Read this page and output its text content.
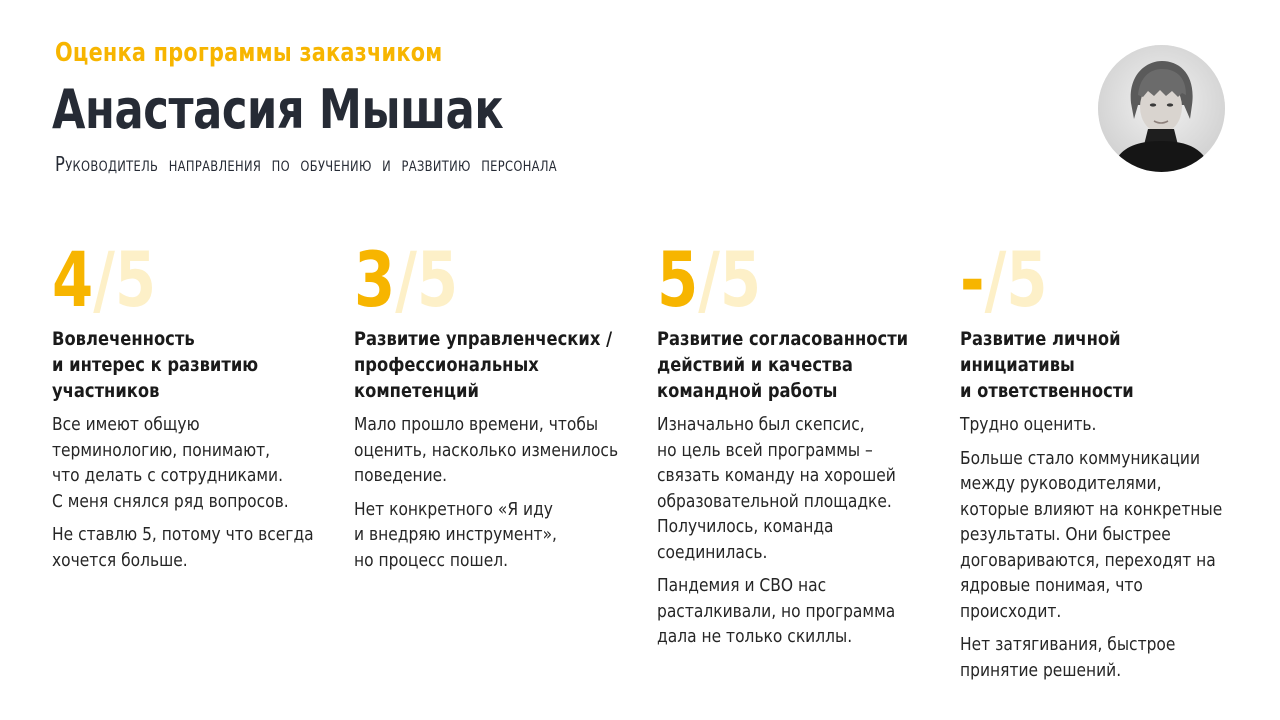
Оценка программы заказчиком
Анастасия Мышак
Руководитель направления по обучению и развитию персонала
4/5
Вовлеченность
и интерес к развитию
участников
Все имеют общую
терминологию, понимают,
что делать с сотрудниками.
С меня снялся ряд вопросов.
Не ставлю 5, потому что всегда
хочется больше.
3/5
Развитие управленческих /
профессиональных
компетенций
Мало прошло времени, чтобы
оценить, насколько изменилось
поведение.
Нет конкретного «Я иду
и внедряю инструмент»,
но процесс пошел.
5/5
Развитие согласованности
действий и качества
командной работы
Изначально был скепсис,
но цель всей программы –
связать команду на хорошей
образовательной площадке.
Получилось, команда
соединилась.
Пандемия и СВО нас
расталкивали, но программа
дала не только скиллы.
-/5
Развитие личной
инициативы
и ответственности
Трудно оценить.
Больше стало коммуникации
между руководителями,
которые влияют на конкретные
результаты. Они быстрее
договариваются, переходят на
ядровые понимая, что
происходит.
Нет затягивания, быстрое
принятие решений.
